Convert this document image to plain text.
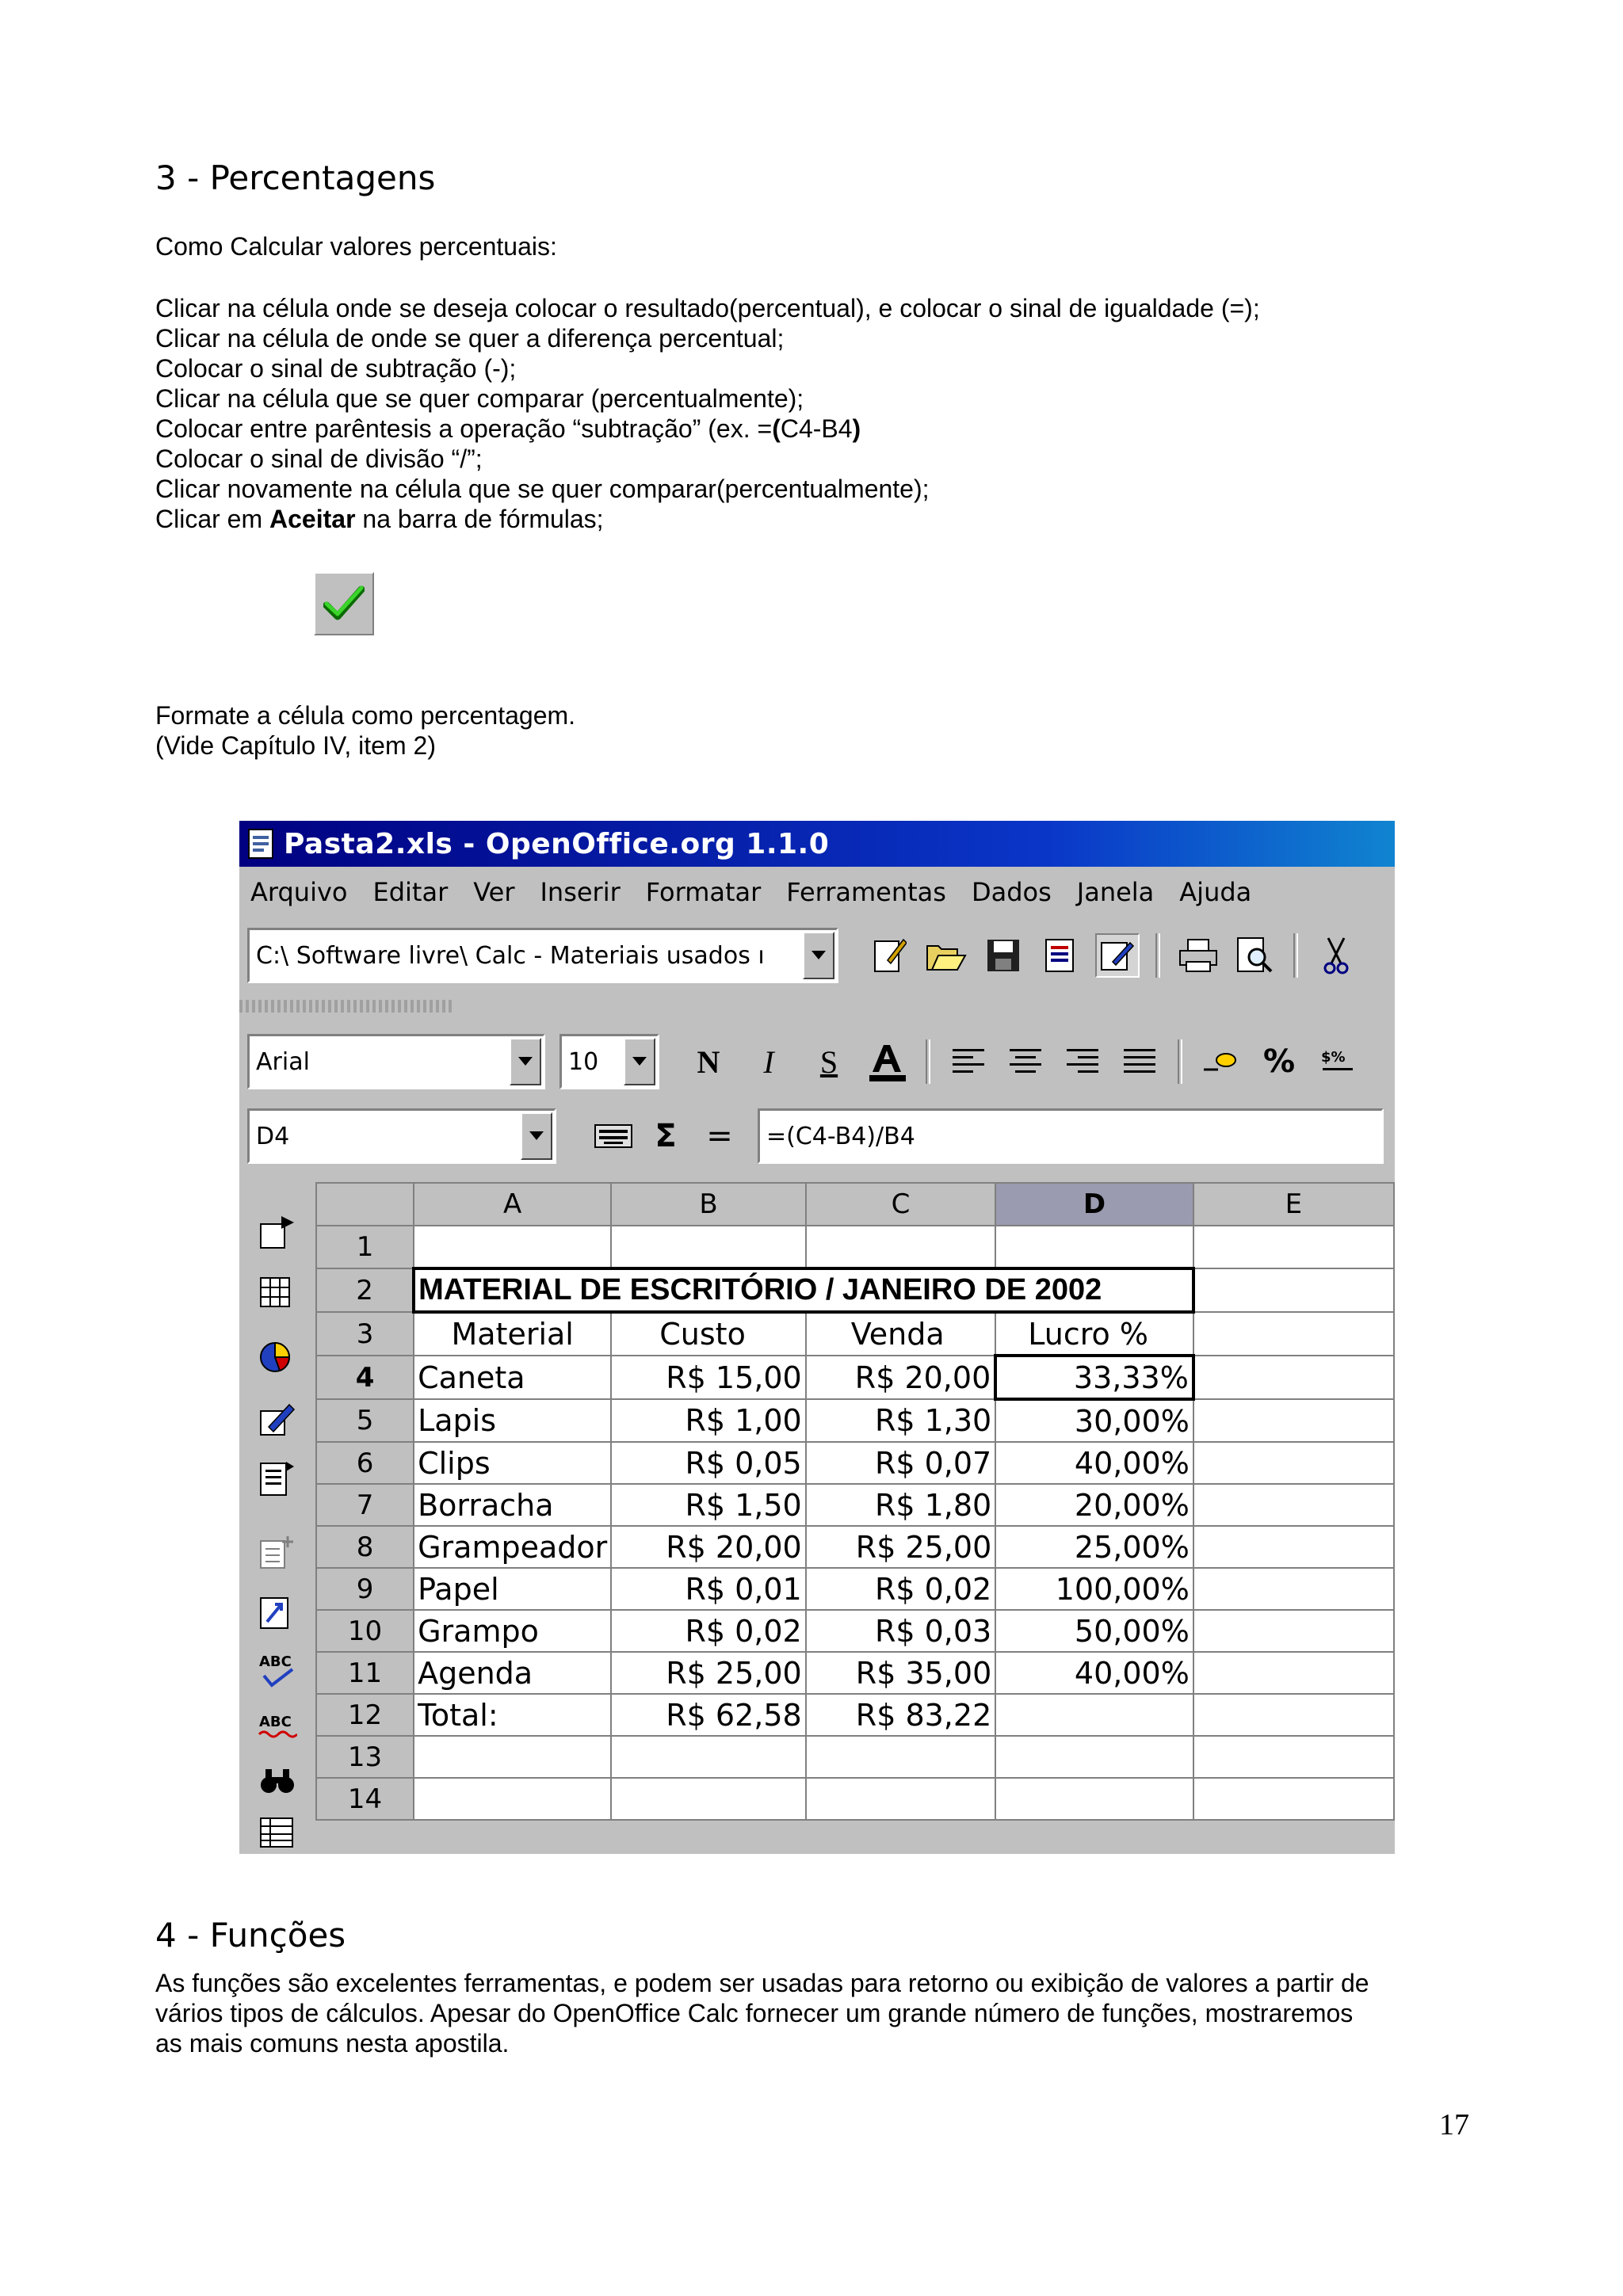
3 - Percentagens

Como Calcular valores percentuais:

Clicar na célula onde se deseja colocar o resultado(percentual), e colocar o sinal de igualdade (=);
Clicar na célula de onde se quer a diferença percentual;
Colocar o sinal de subtração (-);
Clicar na célula que se quer comparar (percentualmente);
Colocar entre parêntesis a operação “subtração” (ex. =(C4-B4)
Colocar o sinal de divisão “/”;
Clicar novamente na célula que se quer comparar(percentualmente);
Clicar em Aceitar na barra de fórmulas;

Formate a célula como percentagem.

(Vide Capítulo IV, item 2)

Pasta2.xls - OpenOffice.org 1.1.0
Arquivo Editar Ver Inserir Formatar Ferramentas Dados Janela Ajuda
C:\ Software livre\ Calc - Materiais usados ı
Arial	10	N	I	S	% $%
D4	Σ = =(C4-B4)/B4
ABC
ABC
	A	B	C	D	E
1					
2	MATERIAL DE ESCRITÓRIO / JANEIRO DE 2002				
3	Material	Custo	Venda	Lucro %	
4	Caneta	R$ 15,00	R$ 20,00	33,33%	
5	Lapis	R$ 1,00	R$ 1,30	30,00%	
6	Clips	R$ 0,05	R$ 0,07	40,00%	
7	Borracha	R$ 1,50	R$ 1,80	20,00%	
8	Grampeador	R$ 20,00	R$ 25,00	25,00%	
9	Papel	R$ 0,01	R$ 0,02	100,00%	
10	Grampo	R$ 0,02	R$ 0,03	50,00%	
11	Agenda	R$ 25,00	R$ 35,00	40,00%	
12	Total:	R$ 62,58	R$ 83,22		
13					
14					
4 - Funções
As funções são excelentes ferramentas, e podem ser usadas para retorno ou exibição de valores a partir de
vários tipos de cálculos. Apesar do OpenOffice Calc fornecer um grande número de funções, mostraremos
as mais comuns nesta apostila.
17
